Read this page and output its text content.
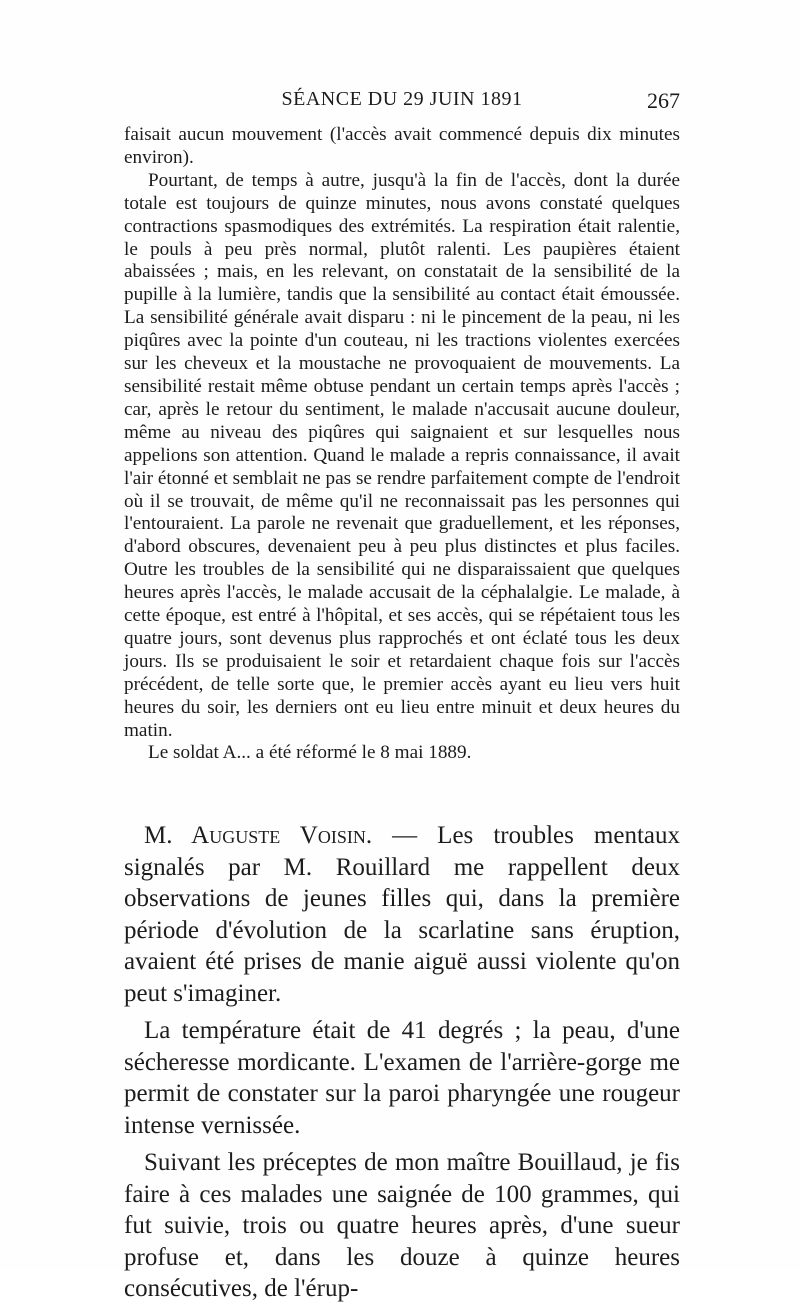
SÉANCE DU 29 JUIN 1891	267

faisait aucun mouvement (l'accès avait commencé depuis dix minutes environ).

Pourtant, de temps à autre, jusqu'à la fin de l'accès, dont la durée totale est toujours de quinze minutes, nous avons constaté quelques contractions spasmodiques des extrémités. La respiration était ralentie, le pouls à peu près normal, plutôt ralenti. Les paupières étaient abaissées ; mais, en les relevant, on constatait de la sensibilité de la pupille à la lumière, tandis que la sensibilité au contact était émoussée. La sensibilité générale avait disparu : ni le pincement de la peau, ni les piqûres avec la pointe d'un couteau, ni les tractions violentes exercées sur les cheveux et la moustache ne provoquaient de mouvements. La sensibilité restait même obtuse pendant un certain temps après l'accès ; car, après le retour du sentiment, le malade n'accusait aucune douleur, même au niveau des piqûres qui saignaient et sur lesquelles nous appelions son attention. Quand le malade a repris connaissance, il avait l'air étonné et semblait ne pas se rendre parfaitement compte de l'endroit où il se trouvait, de même qu'il ne reconnaissait pas les personnes qui l'entouraient. La parole ne revenait que graduellement, et les réponses, d'abord obscures, devenaient peu à peu plus distinctes et plus faciles. Outre les troubles de la sensibilité qui ne disparaissaient que quelques heures après l'accès, le malade accusait de la céphalalgie. Le malade, à cette époque, est entré à l'hôpital, et ses accès, qui se répétaient tous les quatre jours, sont devenus plus rapprochés et ont éclaté tous les deux jours. Ils se produisaient le soir et retardaient chaque fois sur l'accès précédent, de telle sorte que, le premier accès ayant eu lieu vers huit heures du soir, les derniers ont eu lieu entre minuit et deux heures du matin.

Le soldat A... a été réformé le 8 mai 1889.

M. Auguste Voisin. — Les troubles mentaux signalés par M. Rouillard me rappellent deux observations de jeunes filles qui, dans la première période d'évolution de la scarlatine sans éruption, avaient été prises de manie aiguë aussi violente qu'on peut s'imaginer.

La température était de 41 degrés ; la peau, d'une sécheresse mordicante. L'examen de l'arrière-gorge me permit de constater sur la paroi pharyngée une rougeur intense vernissée.

Suivant les préceptes de mon maître Bouillaud, je fis faire à ces malades une saignée de 100 grammes, qui fut suivie, trois ou quatre heures après, d'une sueur profuse et, dans les douze à quinze heures consécutives, de l'érup-
